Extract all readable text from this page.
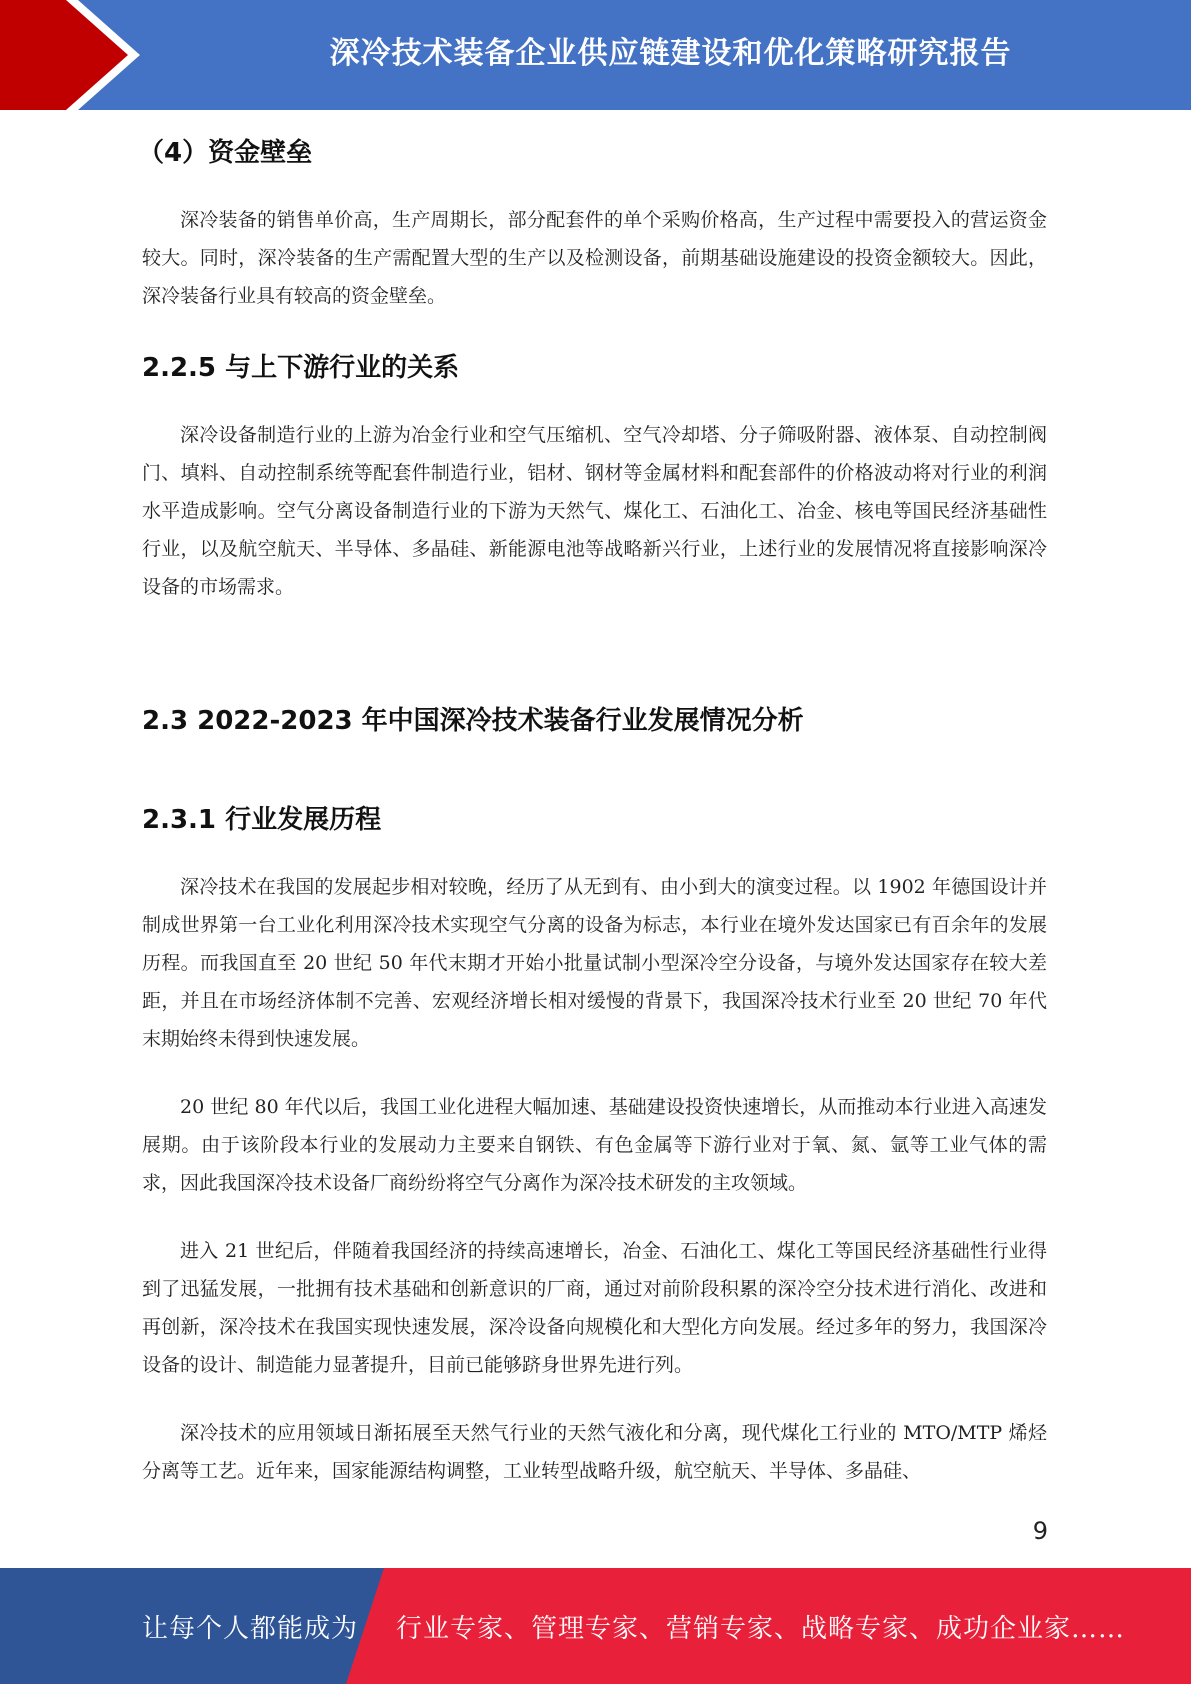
深冷技术装备企业供应链建设和优化策略研究报告
（4）资金壁垒

深冷装备的销售单价高，生产周期长，部分配套件的单个采购价格高，生产过程中需要投入的营运资金较大。同时，深冷装备的生产需配置大型的生产以及检测设备，前期基础设施建设的投资金额较大。因此，深冷装备行业具有较高的资金壁垒。

2.2.5 与上下游行业的关系

深冷设备制造行业的上游为冶金行业和空气压缩机、空气冷却塔、分子筛吸附器、液体泵、自动控制阀门、填料、自动控制系统等配套件制造行业，铝材、钢材等金属材料和配套部件的价格波动将对行业的利润水平造成影响。空气分离设备制造行业的下游为天然气、煤化工、石油化工、冶金、核电等国民经济基础性行业，以及航空航天、半导体、多晶硅、新能源电池等战略新兴行业，上述行业的发展情况将直接影响深冷设备的市场需求。

2.3 2022-2023 年中国深冷技术装备行业发展情况分析
2.3.1 行业发展历程

深冷技术在我国的发展起步相对较晚，经历了从无到有、由小到大的演变过程。以 1902 年德国设计并制成世界第一台工业化利用深冷技术实现空气分离的设备为标志，本行业在境外发达国家已有百余年的发展历程。而我国直至 20 世纪 50 年代末期才开始小批量试制小型深冷空分设备，与境外发达国家存在较大差距，并且在市场经济体制不完善、宏观经济增长相对缓慢的背景下，我国深冷技术行业至 20 世纪 70 年代末期始终未得到快速发展。

20 世纪 80 年代以后，我国工业化进程大幅加速、基础建设投资快速增长，从而推动本行业进入高速发展期。由于该阶段本行业的发展动力主要来自钢铁、有色金属等下游行业对于氧、氮、氩等工业气体的需求，因此我国深冷技术设备厂商纷纷将空气分离作为深冷技术研发的主攻领域。

进入 21 世纪后，伴随着我国经济的持续高速增长，冶金、石油化工、煤化工等国民经济基础性行业得到了迅猛发展，一批拥有技术基础和创新意识的厂商，通过对前阶段积累的深冷空分技术进行消化、改进和再创新，深冷技术在我国实现快速发展，深冷设备向规模化和大型化方向发展。经过多年的努力，我国深冷设备的设计、制造能力显著提升，目前已能够跻身世界先进行列。

深冷技术的应用领域日渐拓展至天然气行业的天然气液化和分离，现代煤化工行业的 MTO/MTP 烯烃分离等工艺。近年来，国家能源结构调整，工业转型战略升级，航空航天、半导体、多晶硅、

9
让每个人都能成为 行业专家、管理专家、营销专家、战略专家、成功企业家……
